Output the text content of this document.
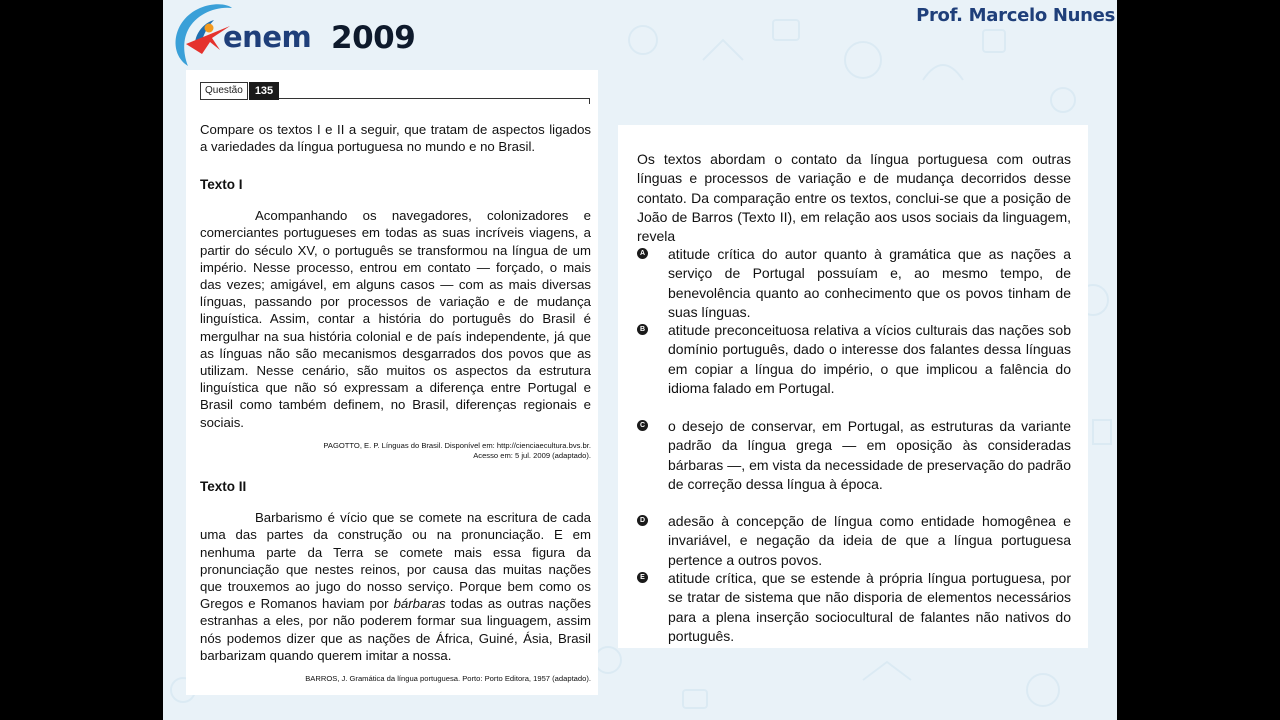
enem 2009
Prof. Marcelo Nunes
Questão	135

Compare os textos I e II a seguir, que tratam de aspectos ligados a variedades da língua portuguesa no mundo e no Brasil.

Texto I

Acompanhando os navegadores, colonizadores e comerciantes portugueses em todas as suas incríveis viagens, a partir do século XV, o português se transformou na língua de um império. Nesse processo, entrou em contato — forçado, o mais das vezes; amigável, em alguns casos — com as mais diversas línguas, passando por processos de variação e de mudança linguística. Assim, contar a história do português do Brasil é mergulhar na sua história colonial e de país independente, já que as línguas não são mecanismos desgarrados dos povos que as utilizam. Nesse cenário, são muitos os aspectos da estrutura linguística que não só expressam a diferença entre Portugal e Brasil como também definem, no Brasil, diferenças regionais e sociais.

PAGOTTO, E. P. Línguas do Brasil. Disponível em: http://cienciaecultura.bvs.br.
Acesso em: 5 jul. 2009 (adaptado).
Texto II

Barbarismo é vício que se comete na escritura de cada uma das partes da construção ou na pronunciação. E em nenhuma parte da Terra se comete mais essa figura da pronunciação que nestes reinos, por causa das muitas nações que trouxemos ao jugo do nosso serviço. Porque bem como os Gregos e Romanos haviam por bárbaras todas as outras nações estranhas a eles, por não poderem formar sua linguagem, assim nós podemos dizer que as nações de África, Guiné, Ásia, Brasil barbarizam quando querem imitar a nossa.

BARROS, J. Gramática da língua portuguesa. Porto: Porto Editora, 1957 (adaptado).

Os textos abordam o contato da língua portuguesa com outras línguas e processos de variação e de mudança decorridos desse contato. Da comparação entre os textos, conclui-se que a posição de João de Barros (Texto II), em relação aos usos sociais da linguagem, revela

A atitude crítica do autor quanto à gramática que as nações a serviço de Portugal possuíam e, ao mesmo tempo, de benevolência quanto ao conhecimento que os povos tinham de suas línguas.
B atitude preconceituosa relativa a vícios culturais das nações sob domínio português, dado o interesse dos falantes dessa línguas em copiar a língua do império, o que implicou a falência do idioma falado em Portugal.
C o desejo de conservar, em Portugal, as estruturas da variante padrão da língua grega — em oposição às consideradas bárbaras —, em vista da necessidade de preservação do padrão de correção dessa língua à época.
D adesão à concepção de língua como entidade homogênea e invariável, e negação da ideia de que a língua portuguesa pertence a outros povos.
E atitude crítica, que se estende à própria língua portuguesa, por se tratar de sistema que não disporia de elementos necessários para a plena inserção sociocultural de falantes não nativos do português.
